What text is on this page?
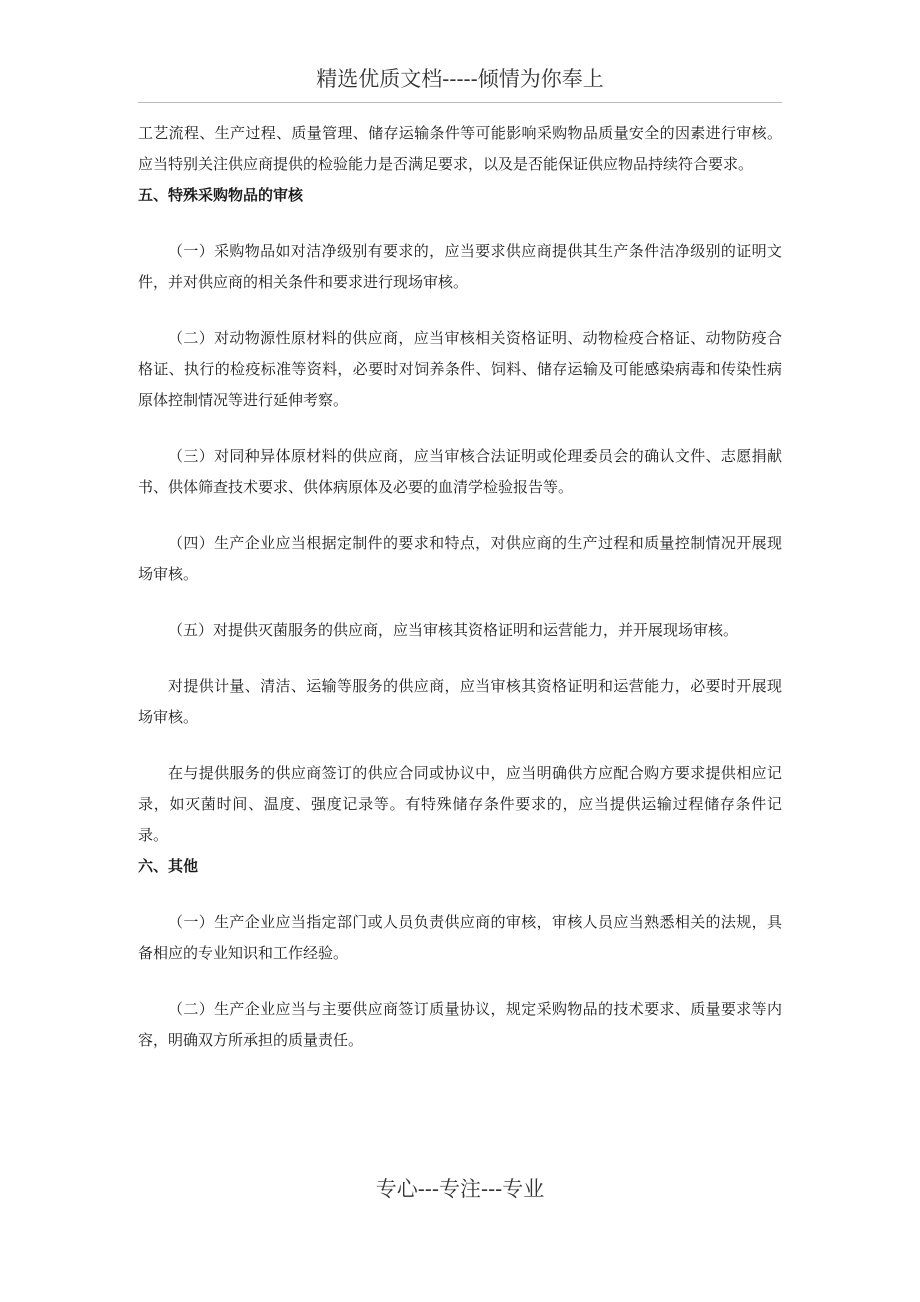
精选优质文档-----倾情为你奉上

工艺流程、生产过程、质量管理、储存运输条件等可能影响采购物品质量安全的因素进行审核。应当特别关注供应商提供的检验能力是否满足要求，以及是否能保证供应物品持续符合要求。

五、特殊采购物品的审核

（一）采购物品如对洁净级别有要求的，应当要求供应商提供其生产条件洁净级别的证明文件，并对供应商的相关条件和要求进行现场审核。

（二）对动物源性原材料的供应商，应当审核相关资格证明、动物检疫合格证、动物防疫合格证、执行的检疫标准等资料，必要时对饲养条件、饲料、储存运输及可能感染病毒和传染性病原体控制情况等进行延伸考察。

（三）对同种异体原材料的供应商，应当审核合法证明或伦理委员会的确认文件、志愿捐献书、供体筛查技术要求、供体病原体及必要的血清学检验报告等。

（四）生产企业应当根据定制件的要求和特点，对供应商的生产过程和质量控制情况开展现场审核。

（五）对提供灭菌服务的供应商，应当审核其资格证明和运营能力，并开展现场审核。

对提供计量、清洁、运输等服务的供应商，应当审核其资格证明和运营能力，必要时开展现场审核。

在与提供服务的供应商签订的供应合同或协议中，应当明确供方应配合购方要求提供相应记录，如灭菌时间、温度、强度记录等。有特殊储存条件要求的，应当提供运输过程储存条件记录。

六、其他

（一）生产企业应当指定部门或人员负责供应商的审核，审核人员应当熟悉相关的法规，具备相应的专业知识和工作经验。

（二）生产企业应当与主要供应商签订质量协议，规定采购物品的技术要求、质量要求等内容，明确双方所承担的质量责任。

专心---专注---专业
